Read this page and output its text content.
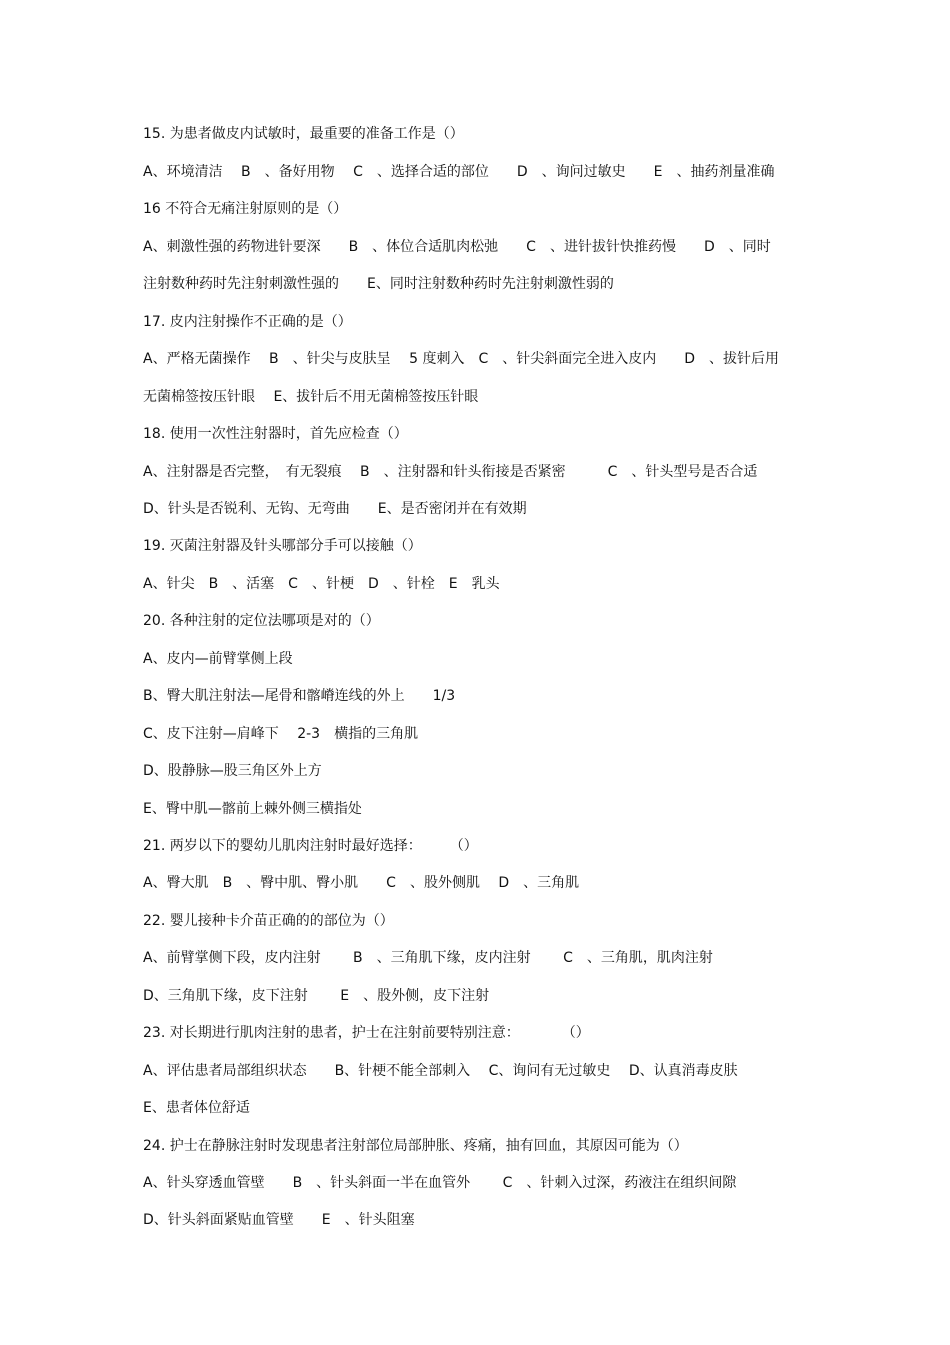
15. 为患者做皮内试敏时，最重要的准备工作是（）
A、环境清洁　 B　、备好用物　 C　、选择合适的部位　　D　、询问过敏史　　E　、抽药剂量准确
16 不符合无痛注射原则的是（）
A、刺激性强的药物进针要深　　B　、体位合适肌肉松弛　　C　、进针拔针快推药慢　　D　、同时
注射数种药时先注射刺激性强的　　E、同时注射数种药时先注射刺激性弱的
17. 皮内注射操作不正确的是（）
A、严格无菌操作　 B　、针尖与皮肤呈　 5 度刺入　C　、针尖斜面完全进入皮内　　D　、拔针后用
无菌棉签按压针眼　 E、拔针后不用无菌棉签按压针眼
18. 使用一次性注射器时，首先应检查（）
A、注射器是否完整，　有无裂痕　 B　、注射器和针头衔接是否紧密　　　C　、针头型号是否合适
D、针头是否锐利、无钩、无弯曲　　E、是否密闭并在有效期
19. 灭菌注射器及针头哪部分手可以接触（）
A、针尖　B　、活塞　C　、针梗　D　、针栓　E　乳头
20. 各种注射的定位法哪项是对的（）
A、皮内—前臂掌侧上段
B、臀大肌注射法—尾骨和髂嵴连线的外上　　1/3
C、皮下注射—肩峰下　 2-3　横指的三角肌
D、股静脉—股三角区外上方
E、臀中肌—髂前上棘外侧三横指处
21. 两岁以下的婴幼儿肌肉注射时最好选择：　　　（）
A、臀大肌　B　、臀中肌、臀小肌　　C　、股外侧肌　 D　、三角肌
22. 婴儿接种卡介苗正确的的部位为（）
A、前臂掌侧下段，皮内注射　　 B　、三角肌下缘，皮内注射　　 C　、三角肌，肌肉注射
D、三角肌下缘，皮下注射　　 E　、股外侧，皮下注射
23. 对长期进行肌肉注射的患者，护士在注射前要特别注意：　　　　（）
A、评估患者局部组织状态　　B、针梗不能全部刺入　 C、询问有无过敏史　 D、认真消毒皮肤
E、患者体位舒适
24. 护士在静脉注射时发现患者注射部位局部肿胀、疼痛，抽有回血，其原因可能为（）
A、针头穿透血管壁　　B　、针头斜面一半在血管外　　 C　、针刺入过深，药液注在组织间隙
D、针头斜面紧贴血管壁　　E　、针头阻塞
